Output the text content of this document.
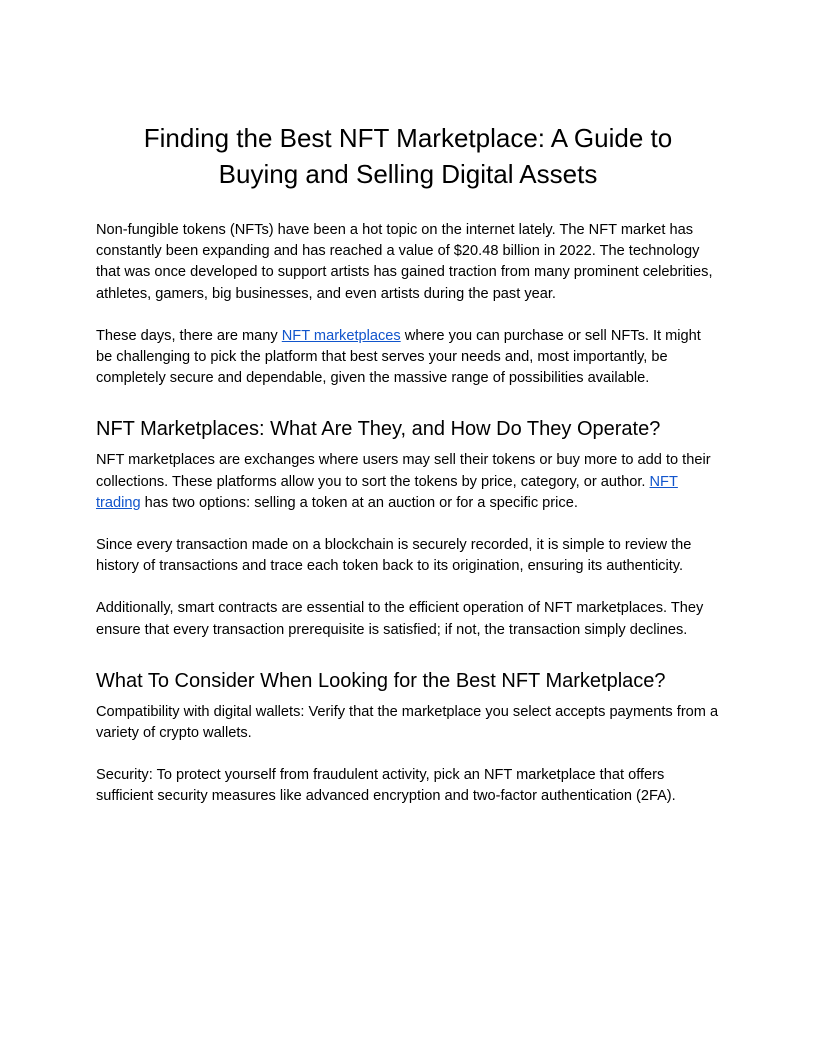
Finding the Best NFT Marketplace: A Guide to
Buying and Selling Digital Assets

Non-fungible tokens (NFTs) have been a hot topic on the internet lately. The NFT market has constantly been expanding and has reached a value of $20.48 billion in 2022. The technology that was once developed to support artists has gained traction from many prominent celebrities, athletes, gamers, big businesses, and even artists during the past year.

These days, there are many NFT marketplaces where you can purchase or sell NFTs. It might be challenging to pick the platform that best serves your needs and, most importantly, be completely secure and dependable, given the massive range of possibilities available.

NFT Marketplaces: What Are They, and How Do They Operate?

NFT marketplaces are exchanges where users may sell their tokens or buy more to add to their collections. These platforms allow you to sort the tokens by price, category, or author. NFT trading has two options: selling a token at an auction or for a specific price.

Since every transaction made on a blockchain is securely recorded, it is simple to review the history of transactions and trace each token back to its origination, ensuring its authenticity.

Additionally, smart contracts are essential to the efficient operation of NFT marketplaces. They ensure that every transaction prerequisite is satisfied; if not, the transaction simply declines.

What To Consider When Looking for the Best NFT Marketplace?

Compatibility with digital wallets: Verify that the marketplace you select accepts payments from a variety of crypto wallets.

Security: To protect yourself from fraudulent activity, pick an NFT marketplace that offers sufficient security measures like advanced encryption and two-factor authentication (2FA).
